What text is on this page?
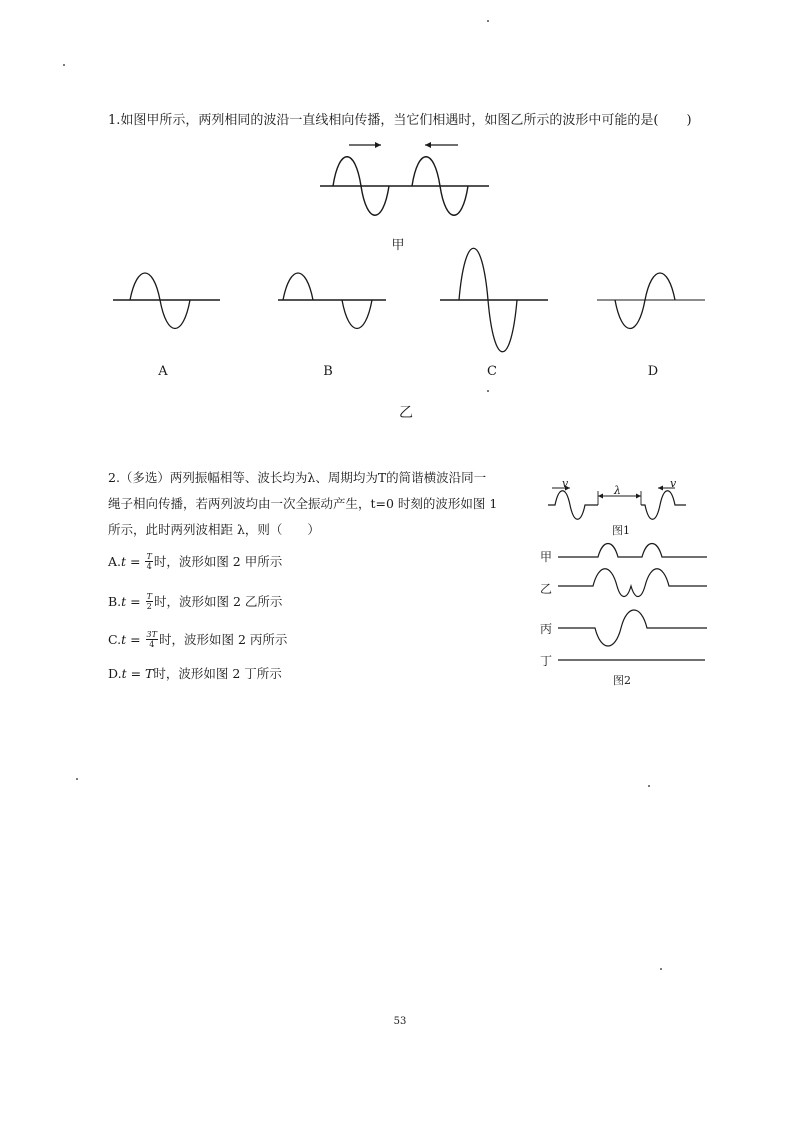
1.如图甲所示，两列相同的波沿一直线相向传播，当它们相遇时，如图乙所示的波形中可能的是( )
甲
A	B	C	D
乙
2.（多选）两列振幅相等、波长均为λ、周期均为T的简谐横波沿同一
绳子相向传播，若两列波均由一次全振动产生，t=0 时刻的波形如图 1
所示，此时两列波相距 λ，则（　　）
A. $t = \frac{T}{4}$ 时，波形如图 2 甲所示
B. $t = \frac{T}{2}$ 时，波形如图 2 乙所示
C. $t = \frac{3T}{4}$ 时，波形如图 2 丙所示
D. t = T 时，波形如图 2 丁所示
v	v
λ
图1
甲
乙
丙
丁
图2
53
